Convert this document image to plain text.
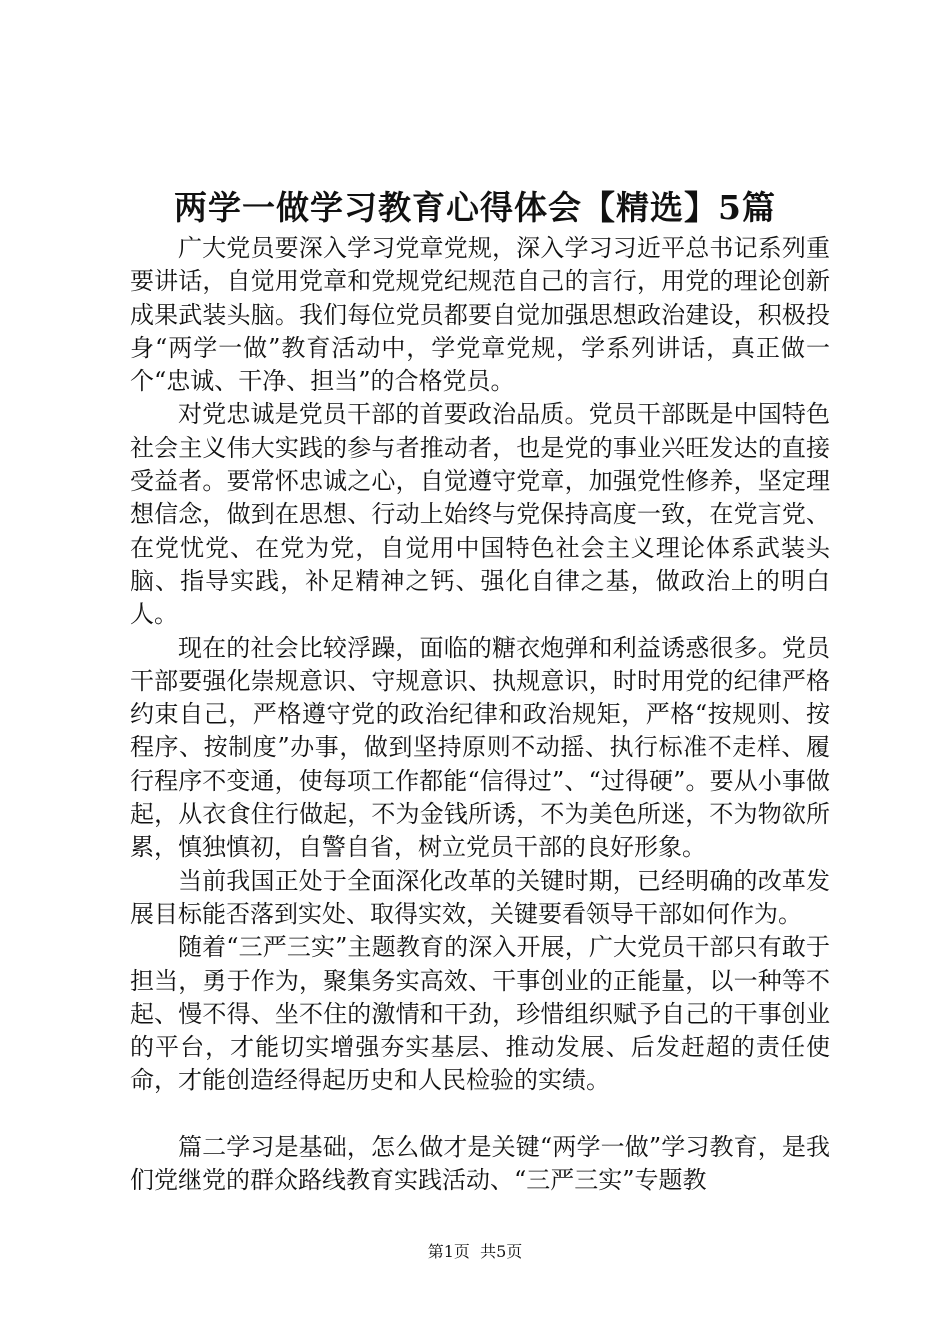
两学一做学习教育心得体会【精选】5篇

广大党员要深入学习党章党规，深入学习习近平总书记系列重要讲话，自觉用党章和党规党纪规范自己的言行，用党的理论创新成果武装头脑。我们每位党员都要自觉加强思想政治建设，积极投身“两学一做”教育活动中，学党章党规，学系列讲话，真正做一个“忠诚、干净、担当”的合格党员。

对党忠诚是党员干部的首要政治品质。党员干部既是中国特色社会主义伟大实践的参与者推动者，也是党的事业兴旺发达的直接受益者。要常怀忠诚之心，自觉遵守党章，加强党性修养，坚定理想信念，做到在思想、行动上始终与党保持高度一致，在党言党、在党忧党、在党为党，自觉用中国特色社会主义理论体系武装头脑、指导实践，补足精神之钙、强化自律之基，做政治上的明白人。

现在的社会比较浮躁，面临的糖衣炮弹和利益诱惑很多。党员干部要强化崇规意识、守规意识、执规意识，时时用党的纪律严格约束自己，严格遵守党的政治纪律和政治规矩，严格“按规则、按程序、按制度”办事，做到坚持原则不动摇、执行标准不走样、履行程序不变通，使每项工作都能“信得过”、“过得硬”。要从小事做起，从衣食住行做起，不为金钱所诱，不为美色所迷，不为物欲所累，慎独慎初，自警自省，树立党员干部的良好形象。

当前我国正处于全面深化改革的关键时期，已经明确的改革发展目标能否落到实处、取得实效，关键要看领导干部如何作为。

随着“三严三实”主题教育的深入开展，广大党员干部只有敢于担当，勇于作为，聚集务实高效、干事创业的正能量，以一种等不起、慢不得、坐不住的激情和干劲，珍惜组织赋予自己的干事创业的平台，才能切实增强夯实基层、推动发展、后发赶超的责任使命，才能创造经得起历史和人民检验的实绩。

篇二学习是基础，怎么做才是关键“两学一做”学习教育，是我们党继党的群众路线教育实践活动、“三严三实”专题教

第1页  共5页
